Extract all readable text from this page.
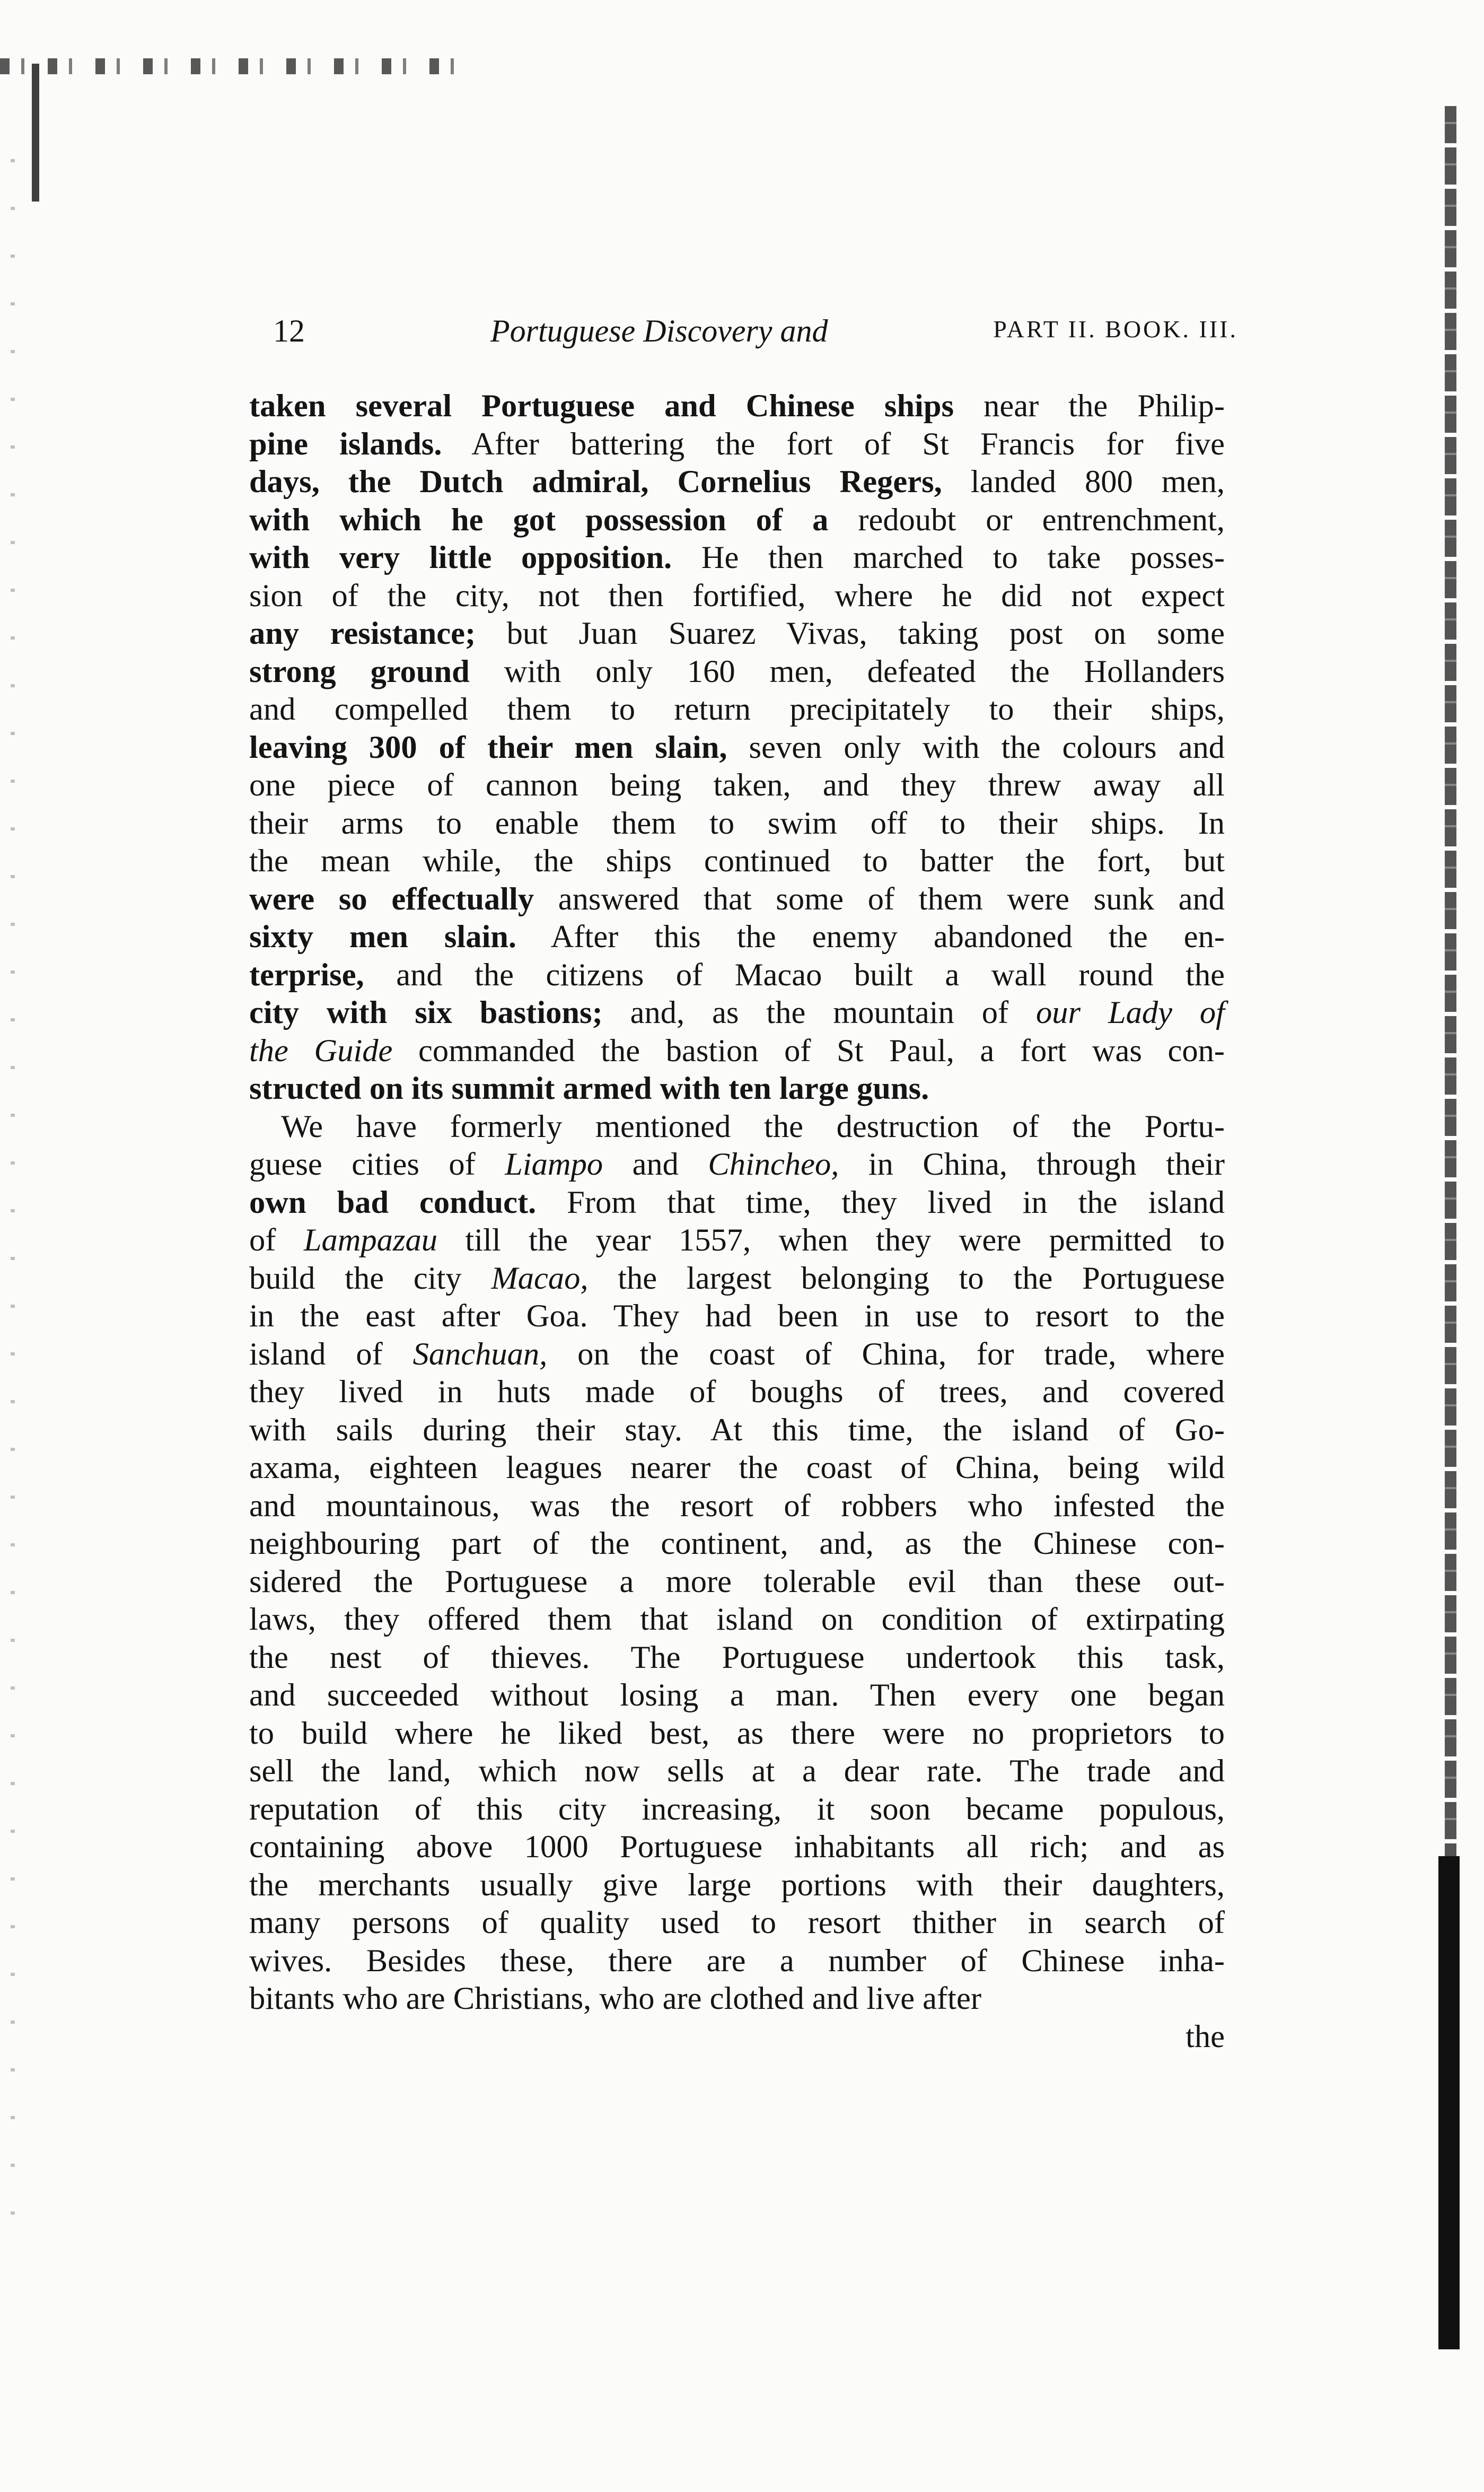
12	Portuguese Discovery and	PART II. BOOK. III.
taken several Portuguese and Chinese ships near the Philip-
pine islands. After battering the fort of St Francis for five
days, the Dutch admiral, Cornelius Regers, landed 800 men,
with which he got possession of a redoubt or entrenchment,
with very little opposition. He then marched to take posses-
sion of the city, not then fortified, where he did not expect
any resistance; but Juan Suarez Vivas, taking post on some
strong ground with only 160 men, defeated the Hollanders
and compelled them to return precipitately to their ships,
leaving 300 of their men slain, seven only with the colours and
one piece of cannon being taken, and they threw away all
their arms to enable them to swim off to their ships. In
the mean while, the ships continued to batter the fort, but
were so effectually answered that some of them were sunk and
sixty men slain. After this the enemy abandoned the en-
terprise, and the citizens of Macao built a wall round the
city with six bastions; and, as the mountain of our Lady of
the Guide commanded the bastion of St Paul, a fort was con-
structed on its summit armed with ten large guns.
We have formerly mentioned the destruction of the Portu-
guese cities of Liampo and Chincheo, in China, through their
own bad conduct. From that time, they lived in the island
of Lampazau till the year 1557, when they were permitted to
build the city Macao, the largest belonging to the Portuguese
in the east after Goa. They had been in use to resort to the
island of Sanchuan, on the coast of China, for trade, where
they lived in huts made of boughs of trees, and covered
with sails during their stay. At this time, the island of Go-
axama, eighteen leagues nearer the coast of China, being wild
and mountainous, was the resort of robbers who infested the
neighbouring part of the continent, and, as the Chinese con-
sidered the Portuguese a more tolerable evil than these out-
laws, they offered them that island on condition of extirpating
the nest of thieves. The Portuguese undertook this task,
and succeeded without losing a man. Then every one began
to build where he liked best, as there were no proprietors to
sell the land, which now sells at a dear rate. The trade and
reputation of this city increasing, it soon became populous,
containing above 1000 Portuguese inhabitants all rich; and as
the merchants usually give large portions with their daughters,
many persons of quality used to resort thither in search of
wives. Besides these, there are a number of Chinese inha-
bitants who are Christians, who are clothed and live after
the
